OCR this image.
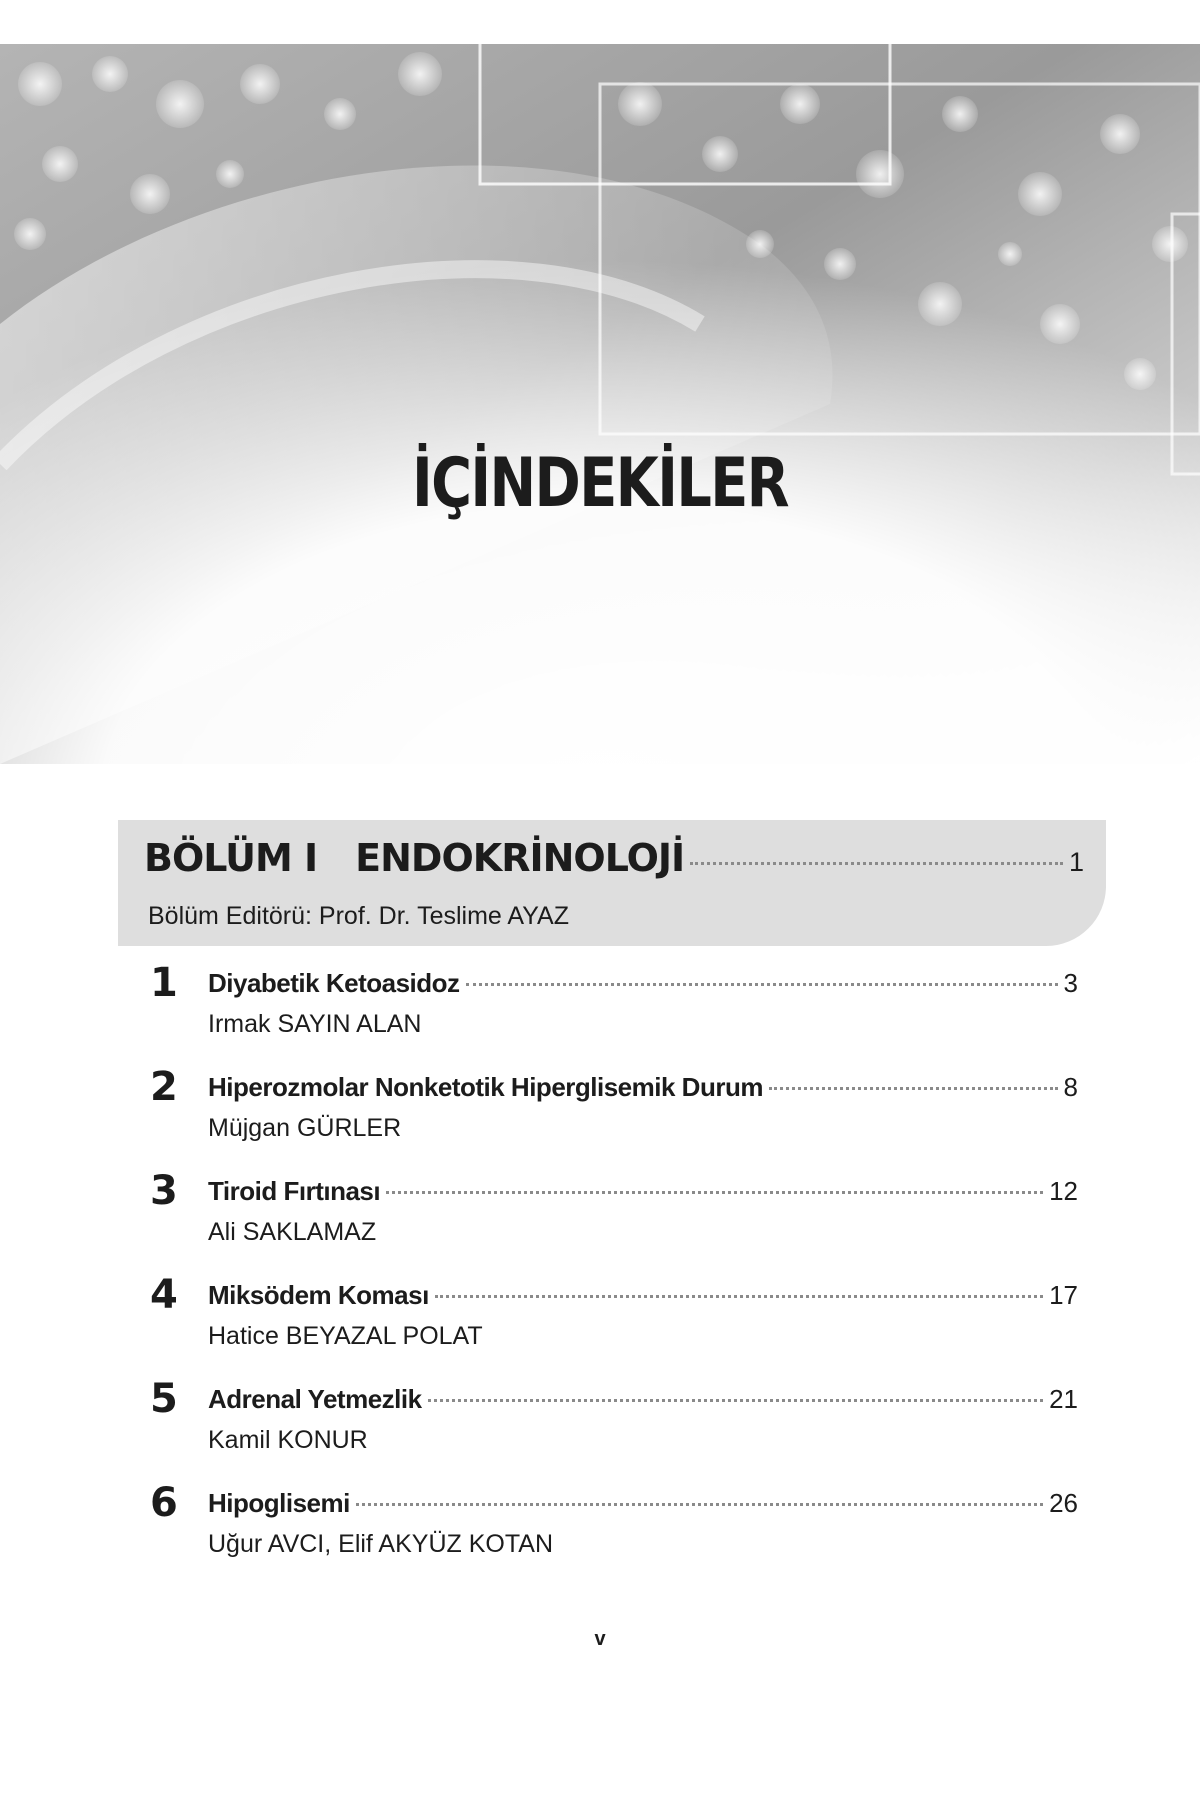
İÇİNDEKİLER
BÖLÜM I ENDOKRİNOLOJİ	1
Bölüm Editörü: Prof. Dr. Teslime AYAZ
1 Diyabetik Ketoasidoz	3
Irmak SAYIN ALAN
2 Hiperozmolar Nonketotik Hiperglisemik Durum	8
Müjgan GÜRLER
3 Tiroid Fırtınası	12
Ali SAKLAMAZ
4 Miksödem Koması	17
Hatice BEYAZAL POLAT
5 Adrenal Yetmezlik	21
Kamil KONUR
6 Hipoglisemi	26
Uğur AVCI, Elif AKYÜZ KOTAN
v
